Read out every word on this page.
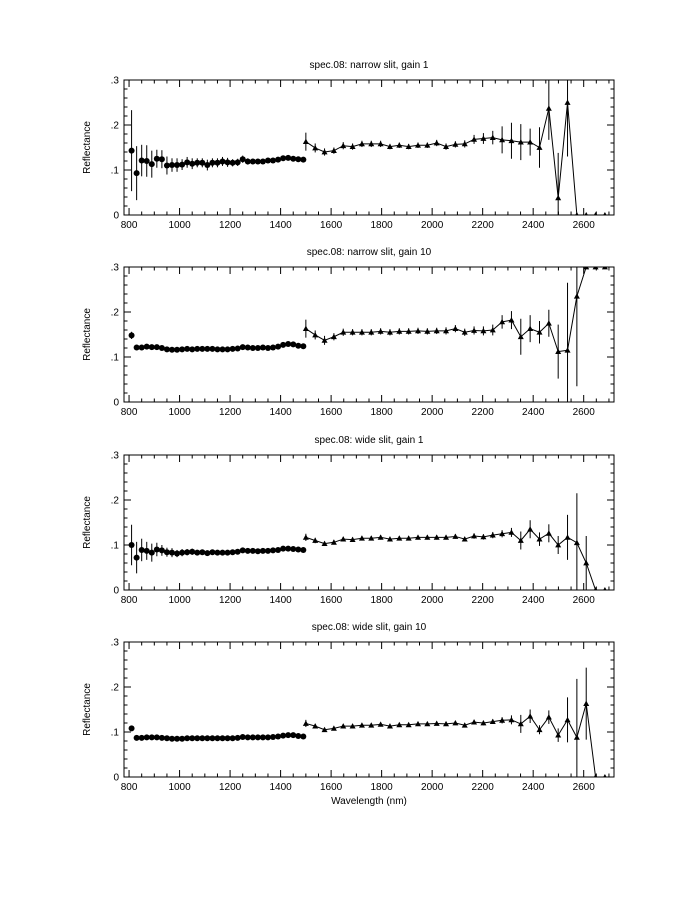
spec.08: narrow slit, gain 1
800	1000	1200	1400	1600	1800	2000	2200	2400	2600
0
.1
.2
.3
Reflectance
spec.08: narrow slit, gain 10
800	1000	1200	1400	1600	1800	2000	2200	2400	2600
0
.1
.2
.3
Reflectance
spec.08: wide slit, gain 1
800	1000	1200	1400	1600	1800	2000	2200	2400	2600
0
.1
.2
.3
Reflectance
spec.08: wide slit, gain 10
800	1000	1200	1400	1600	1800	2000	2200	2400	2600
0
.1
.2
.3
Reflectance
Wavelength (nm)
